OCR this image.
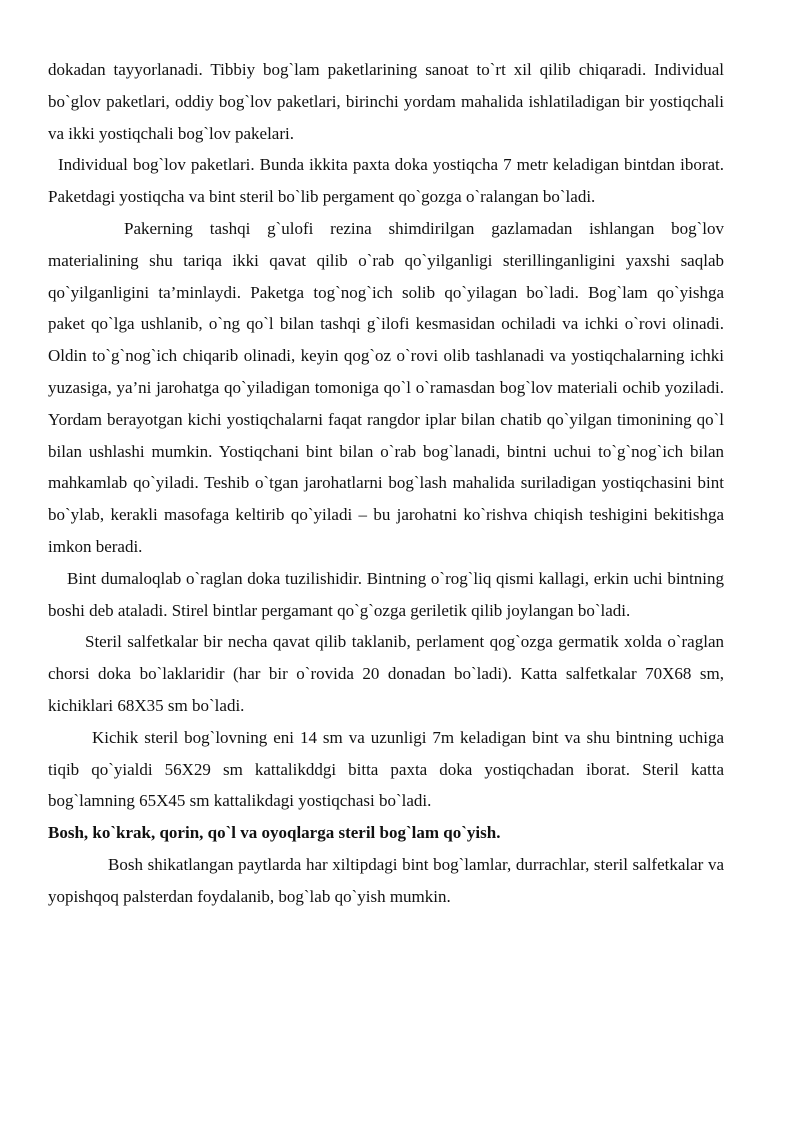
dokadan tayyorlanadi. Tibbiy bog`lam paketlarining sanoat to`rt xil qilib chiqaradi. Individual bo`glov paketlari, oddiy bog`lov paketlari, birinchi yordam mahalida ishlatiladigan bir yostiqchali va ikki yostiqchali bog`lov pakelari.

Individual bog`lov paketlari. Bunda ikkita paxta doka yostiqcha 7 metr keladigan bintdan iborat. Paketdagi yostiqcha va bint steril bo`lib pergament qo`gozga o`ralangan bo`ladi.

Pakerning tashqi g`ulofi rezina shimdirilgan gazlamadan ishlangan bog`lov materialining shu tariqa ikki qavat qilib o`rab qo`yilganligi sterillinganligini yaxshi saqlab qo`yilganligini ta’minlaydi. Paketga tog`nog`ich solib qo`yilagan bo`ladi. Bog`lam qo`yishga paket qo`lga ushlanib, o`ng qo`l bilan tashqi g`ilofi kesmasidan ochiladi va ichki o`rovi olinadi. Oldin to`g`nog`ich chiqarib olinadi, keyin qog`oz o`rovi olib tashlanadi va yostiqchalarning ichki yuzasiga, ya’ni jarohatga qo`yiladigan tomoniga qo`l o`ramasdan bog`lov materiali ochib yoziladi. Yordam berayotgan kichi yostiqchalarni faqat rangdor iplar bilan chatib qo`yilgan timonining qo`l bilan ushlashi mumkin. Yostiqchani bint bilan o`rab bog`lanadi, bintni uchui to`g`nog`ich bilan mahkamlab qo`yiladi. Teshib o`tgan jarohatlarni bog`lash mahalida suriladigan yostiqchasini bint bo`ylab, kerakli masofaga keltirib qo`yiladi – bu jarohatni ko`rishva chiqish teshigini bekitishga imkon beradi.

Bint dumaloqlab o`raglan doka tuzilishidir. Bintning o`rog`liq qismi kallagi, erkin uchi bintning boshi deb ataladi. Stirel bintlar pergamant qo`g`ozga geriletik qilib joylangan bo`ladi.

Steril salfetkalar bir necha qavat qilib taklanib, perlament qog`ozga germatik xolda o`raglan chorsi doka bo`laklaridir (har bir o`rovida 20 donadan bo`ladi). Katta salfetkalar 70X68 sm, kichiklari 68X35 sm bo`ladi.

Kichik steril bog`lovning eni 14 sm va uzunligi 7m keladigan bint va shu bintning uchiga tiqib qo`yialdi 56X29 sm kattalikddgi bitta paxta doka yostiqchadan iborat. Steril katta bog`lamning 65X45 sm kattalikdagi yostiqchasi bo`ladi.

Bosh, ko`krak, qorin, qo`l va oyoqlarga steril bog`lam qo`yish.

Bosh shikatlangan paytlarda har xiltipdagi bint bog`lamlar, durrachlar, steril salfetkalar va yopishqoq palsterdan foydalanib, bog`lab qo`yish mumkin.
